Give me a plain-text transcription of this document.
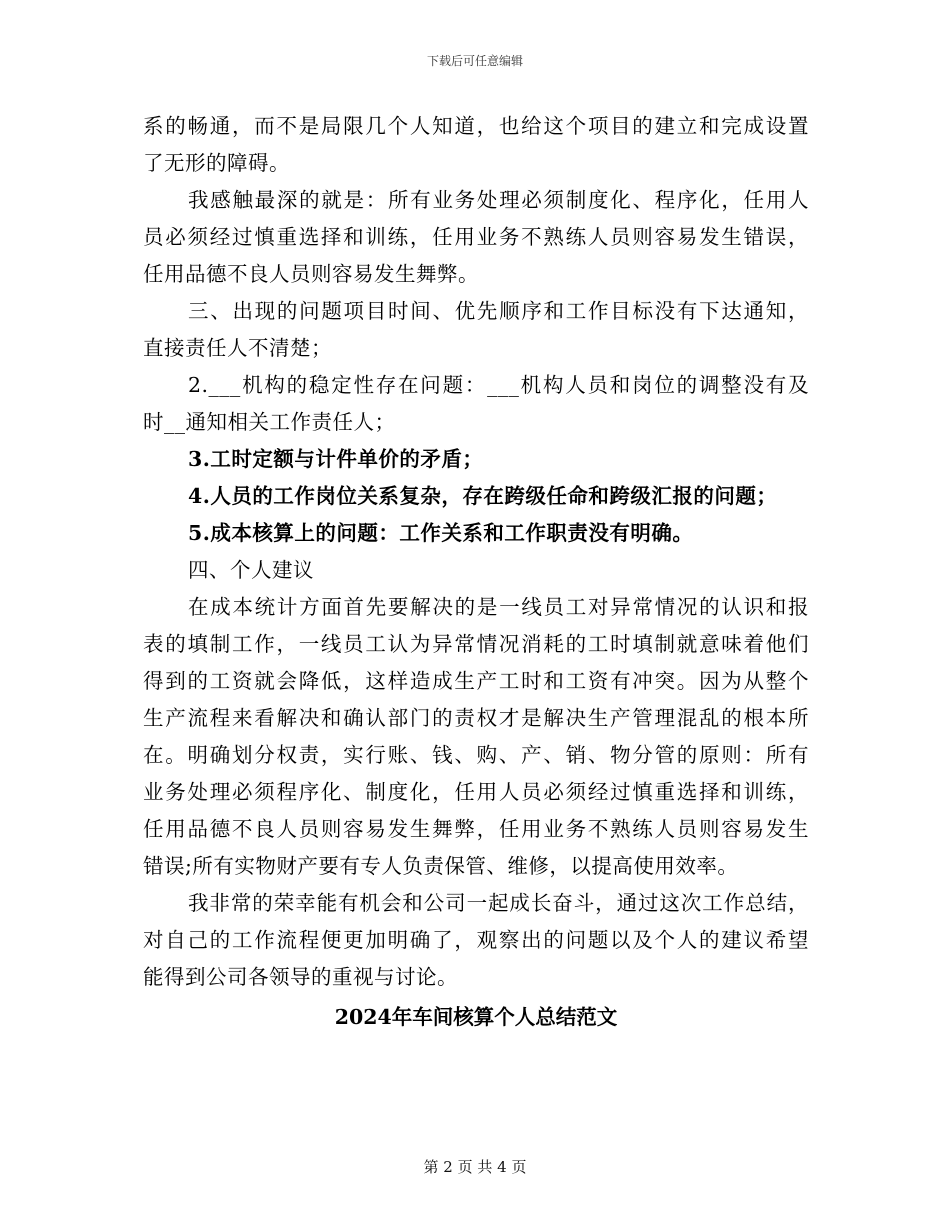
下载后可任意编辑
系的畅通，而不是局限几个人知道，也给这个项目的建立和完成设置
了无形的障碍。
我感触最深的就是：所有业务处理必须制度化、程序化，任用人
员必须经过慎重选择和训练，任用业务不熟练人员则容易发生错误，
任用品德不良人员则容易发生舞弊。
三、出现的问题项目时间、优先顺序和工作目标没有下达通知，
直接责任人不清楚；
2.___机构的稳定性存在问题：___机构人员和岗位的调整没有及
时__通知相关工作责任人；
3.工时定额与计件单价的矛盾；
4.人员的工作岗位关系复杂，存在跨级任命和跨级汇报的问题；
5.成本核算上的问题：工作关系和工作职责没有明确。
四、个人建议
在成本统计方面首先要解决的是一线员工对异常情况的认识和报
表的填制工作，一线员工认为异常情况消耗的工时填制就意味着他们
得到的工资就会降低，这样造成生产工时和工资有冲突。因为从整个
生产流程来看解决和确认部门的责权才是解决生产管理混乱的根本所
在。明确划分权责，实行账、钱、购、产、销、物分管的原则：所有
业务处理必须程序化、制度化，任用人员必须经过慎重选择和训练，
任用品德不良人员则容易发生舞弊，任用业务不熟练人员则容易发生
错误;所有实物财产要有专人负责保管、维修，以提高使用效率。
我非常的荣幸能有机会和公司一起成长奋斗，通过这次工作总结，
对自己的工作流程便更加明确了，观察出的问题以及个人的建议希望
能得到公司各领导的重视与讨论。
2024年车间核算个人总结范文
第 2 页 共 4 页
